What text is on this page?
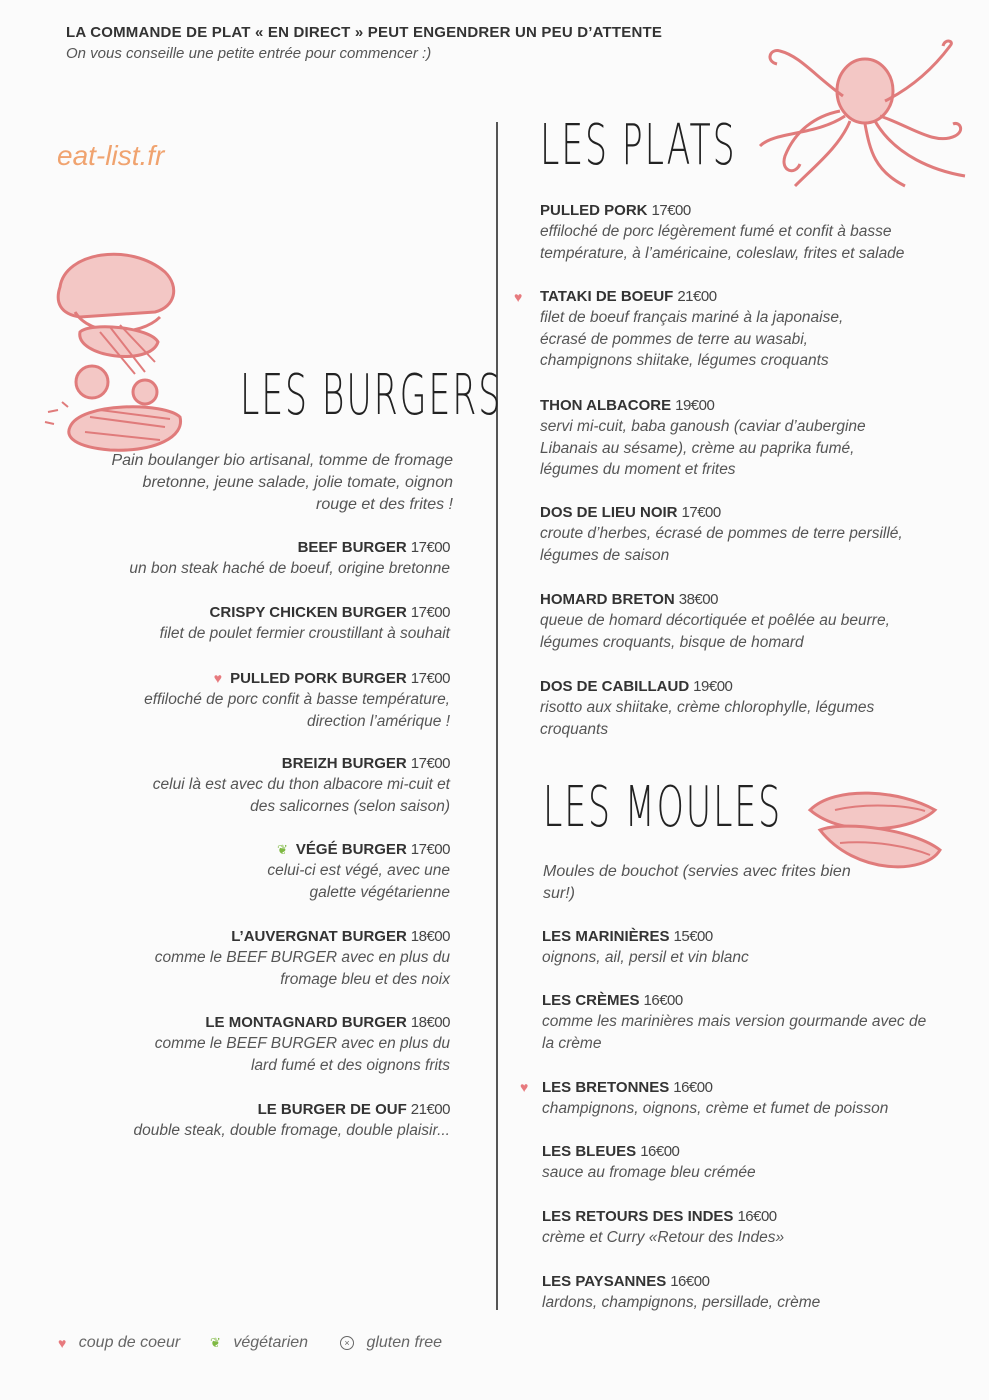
LA COMMANDE DE PLAT « EN DIRECT » PEUT ENGENDRER UN PEU D’ATTENTE
On vous conseille une petite entrée pour commencer :)
eat-list.fr
LES BURGERS
Pain boulanger bio artisanal, tomme de fromage bretonne, jeune salade, jolie tomate, oignon rouge et des frites !
BEEF BURGER 17€00
un bon steak haché de boeuf, origine bretonne
CRISPY CHICKEN BURGER 17€00
filet de poulet fermier croustillant à souhait
♥ PULLED PORK BURGER 17€00
effiloché de porc confit à basse température, direction l’amérique !
BREIZH BURGER 17€00
celui là est avec du thon albacore mi-cuit et des salicornes (selon saison)
❦ VÉGÉ BURGER 17€00
celui-ci est végé, avec une galette végétarienne
L’AUVERGNAT BURGER 18€00
comme le BEEF BURGER avec en plus du fromage bleu et des noix
LE MONTAGNARD BURGER 18€00
comme le BEEF BURGER avec en plus du lard fumé et des oignons frits
LE BURGER DE OUF 21€00
double steak, double fromage, double plaisir...
LES PLATS
PULLED PORK 17€00
effiloché de porc légèrement fumé et confit à basse température, à l’américaine, coleslaw, frites et salade
♥ TATAKI DE BOEUF 21€00
filet de boeuf français mariné à la japonaise, écrasé de pommes de terre au wasabi, champignons shiitake, légumes croquants
THON ALBACORE 19€00
servi mi-cuit, baba ganoush (caviar d’aubergine Libanais au sésame), crème au paprika fumé, légumes du moment et frites
DOS DE LIEU NOIR 17€00
croute d’herbes, écrasé de pommes de terre persillé, légumes de saison
HOMARD BRETON 38€00
queue de homard décortiquée et poêlée au beurre, légumes croquants, bisque de homard
DOS DE CABILLAUD 19€00
risotto aux shiitake, crème chlorophylle, légumes croquants
LES MOULES
Moules de bouchot (servies avec frites bien sur!)
LES MARINIÈRES 15€00
oignons, ail, persil et vin blanc
LES CRÈMES 16€00
comme les marinières mais version gourmande avec de la crème
♥ LES BRETONNES 16€00
champignons, oignons, crème et fumet de poisson
LES BLEUES 16€00
sauce au fromage bleu crémée
LES RETOURS DES INDES 16€00
crème et Curry «Retour des Indes»
LES PAYSANNES 16€00
lardons, champignons, persillade, crème
♥ coup de coeur ❦ végétarien	× gluten free
